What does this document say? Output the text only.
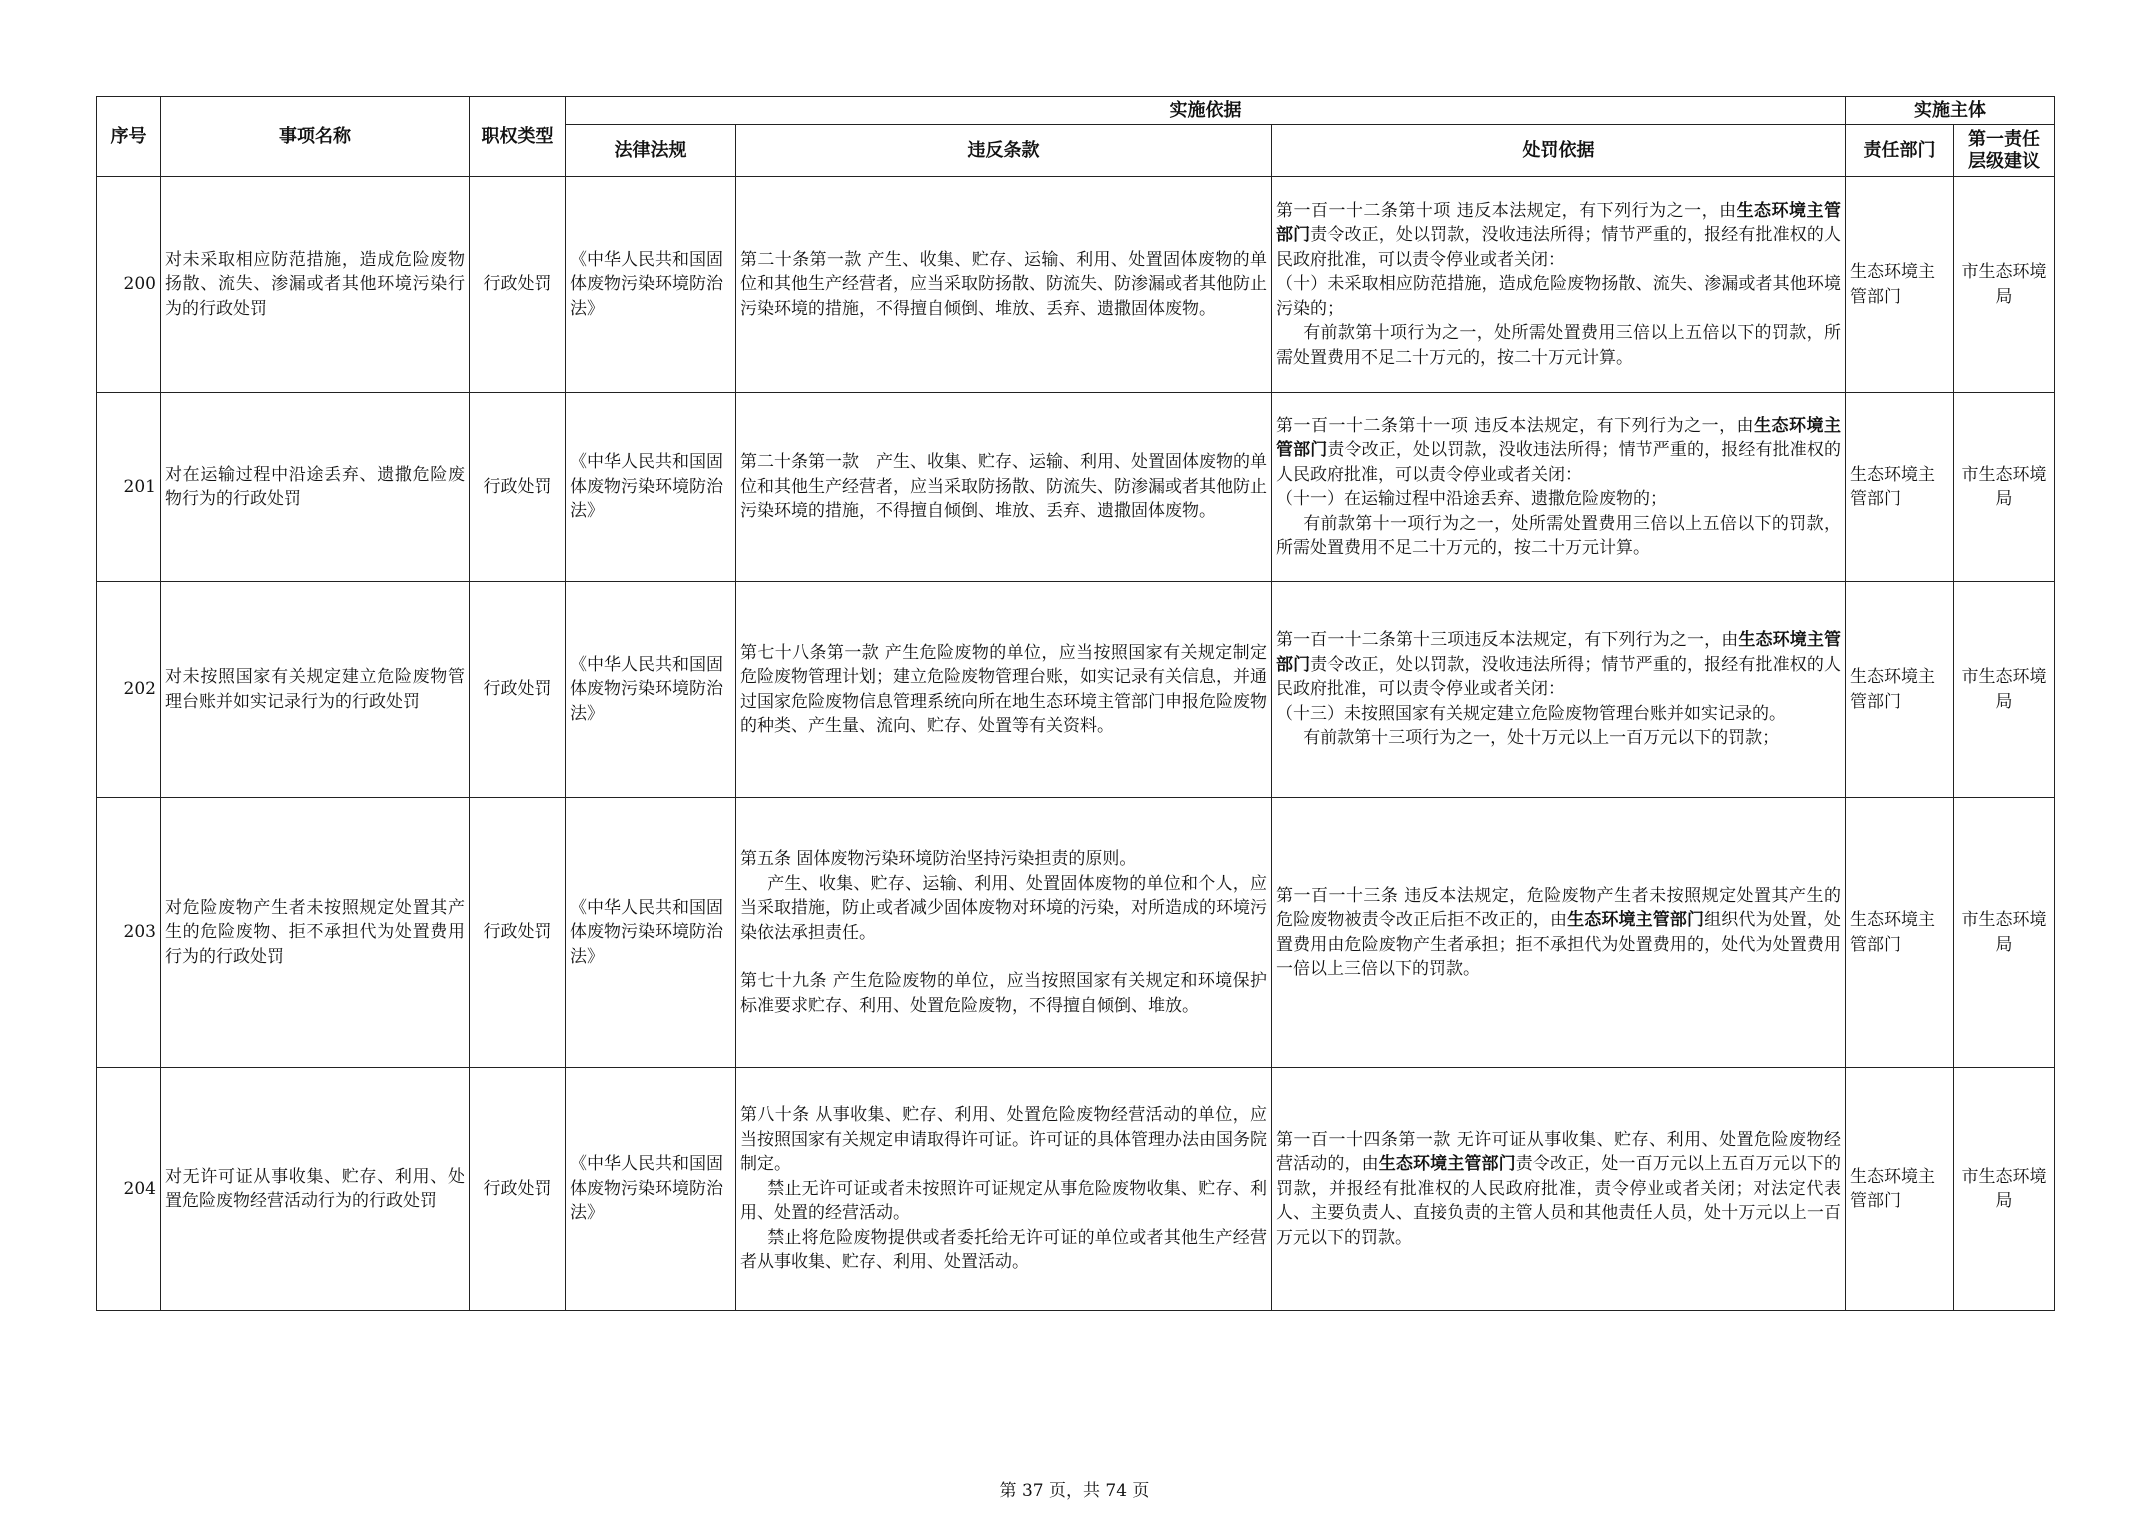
序号	事项名称	职权类型	实施依据			实施主体	
			法律法规	违反条款	处罚依据	责任部门	第一责任
层级建议

200	对未采取相应防范措施，造成危险废物扬散、流失、渗漏或者其他环境污染行为的行政处罚	行政处罚	《中华人民共和国固体废物污染环境防治法》	第二十条第一款 产生、收集、贮存、运输、利用、处置固体废物的单位和其他生产经营者，应当采取防扬散、防流失、防渗漏或者其他防止污染环境的措施，不得擅自倾倒、堆放、丢弃、遗撒固体废物。	第一百一十二条第十项 违反本法规定，有下列行为之一，由生态环境主管部门责令改正，处以罚款，没收违法所得；情节严重的，报经有批准权的人民政府批准，可以责令停业或者关闭：
（十）未采取相应防范措施，造成危险废物扬散、流失、渗漏或者其他环境污染的；
有前款第十项行为之一，处所需处置费用三倍以上五倍以下的罚款，所需处置费用不足二十万元的，按二十万元计算。	生态环境主管部门	市生态环境局
201	对在运输过程中沿途丢弃、遗撒危险废物行为的行政处罚	行政处罚	《中华人民共和国固体废物污染环境防治法》	第二十条第一款　产生、收集、贮存、运输、利用、处置固体废物的单位和其他生产经营者，应当采取防扬散、防流失、防渗漏或者其他防止污染环境的措施，不得擅自倾倒、堆放、丢弃、遗撒固体废物。	第一百一十二条第十一项 违反本法规定，有下列行为之一，由生态环境主管部门责令改正，处以罚款，没收违法所得；情节严重的，报经有批准权的人民政府批准，可以责令停业或者关闭：
（十一）在运输过程中沿途丢弃、遗撒危险废物的；
有前款第十一项行为之一，处所需处置费用三倍以上五倍以下的罚款，所需处置费用不足二十万元的，按二十万元计算。	生态环境主管部门	市生态环境局
202	对未按照国家有关规定建立危险废物管理台账并如实记录行为的行政处罚	行政处罚	《中华人民共和国固体废物污染环境防治法》	第七十八条第一款 产生危险废物的单位，应当按照国家有关规定制定危险废物管理计划；建立危险废物管理台账，如实记录有关信息，并通过国家危险废物信息管理系统向所在地生态环境主管部门申报危险废物的种类、产生量、流向、贮存、处置等有关资料。	第一百一十二条第十三项违反本法规定，有下列行为之一，由生态环境主管部门责令改正，处以罚款，没收违法所得；情节严重的，报经有批准权的人民政府批准，可以责令停业或者关闭：
（十三）未按照国家有关规定建立危险废物管理台账并如实记录的。
有前款第十三项行为之一，处十万元以上一百万元以下的罚款；	生态环境主管部门	市生态环境局
203	对危险废物产生者未按照规定处置其产生的危险废物、拒不承担代为处置费用行为的行政处罚	行政处罚	《中华人民共和国固体废物污染环境防治法》	第五条 固体废物污染环境防治坚持污染担责的原则。
产生、收集、贮存、运输、利用、处置固体废物的单位和个人，应当采取措施，防止或者减少固体废物对环境的污染，对所造成的环境污染依法承担责任。
第七十九条 产生危险废物的单位，应当按照国家有关规定和环境保护标准要求贮存、利用、处置危险废物，不得擅自倾倒、堆放。	第一百一十三条 违反本法规定，危险废物产生者未按照规定处置其产生的危险废物被责令改正后拒不改正的，由生态环境主管部门组织代为处置，处置费用由危险废物产生者承担；拒不承担代为处置费用的，处代为处置费用一倍以上三倍以下的罚款。	生态环境主管部门	市生态环境局
204	对无许可证从事收集、贮存、利用、处置危险废物经营活动行为的行政处罚	行政处罚	《中华人民共和国固体废物污染环境防治法》	第八十条 从事收集、贮存、利用、处置危险废物经营活动的单位，应当按照国家有关规定申请取得许可证。许可证的具体管理办法由国务院制定。
禁止无许可证或者未按照许可证规定从事危险废物收集、贮存、利用、处置的经营活动。
禁止将危险废物提供或者委托给无许可证的单位或者其他生产经营者从事收集、贮存、利用、处置活动。	第一百一十四条第一款 无许可证从事收集、贮存、利用、处置危险废物经营活动的，由生态环境主管部门责令改正，处一百万元以上五百万元以下的罚款，并报经有批准权的人民政府批准，责令停业或者关闭；对法定代表人、主要负责人、直接负责的主管人员和其他责任人员，处十万元以上一百万元以下的罚款。	生态环境主管部门	市生态环境局
第 37 页，共 74 页
